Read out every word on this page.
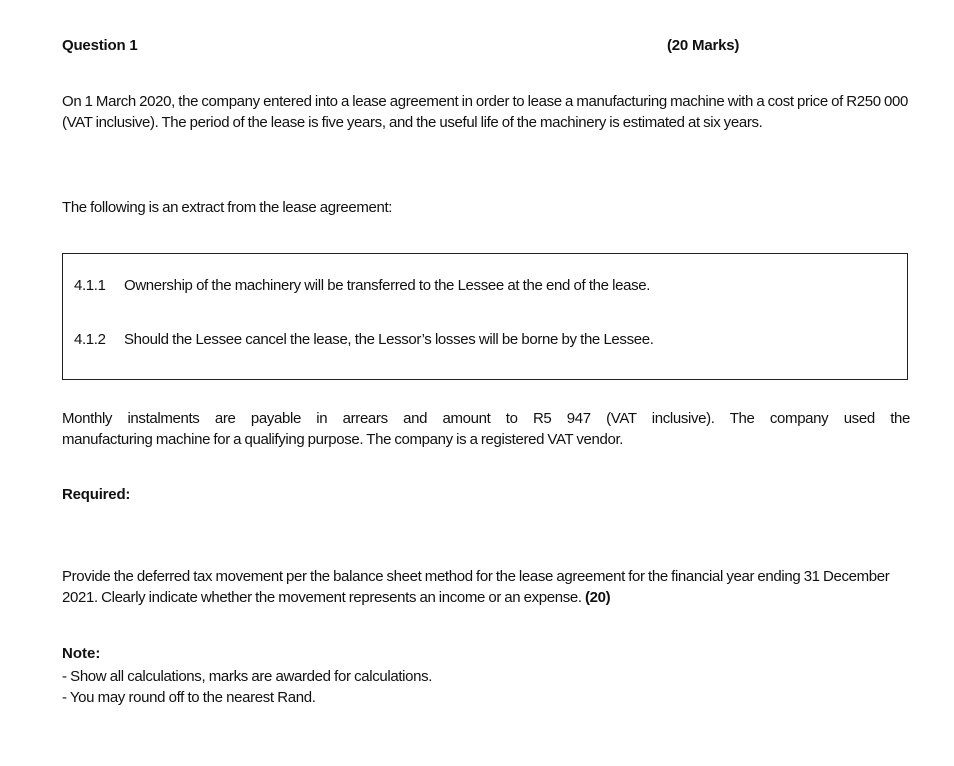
Question 1	(20 Marks)

On 1 March 2020, the company entered into a lease agreement in order to lease a manufacturing machine with a cost price of R250 000 (VAT inclusive). The period of the lease is five years, and the useful life of the machinery is estimated at six years.

The following is an extract from the lease agreement:

4.1.1 Ownership of the machinery will be transferred to the Lessee at the end of the lease.
4.1.2 Should the Lessee cancel the lease, the Lessor’s losses will be borne by the Lessee.

Monthly instalments are payable in arrears and amount to R5 947 (VAT inclusive). The company used the
manufacturing machine for a qualifying purpose. The company is a registered VAT vendor.

Required:

Provide the deferred tax movement per the balance sheet method for the lease agreement for the financial year ending 31 December 2021. Clearly indicate whether the movement represents an income or an expense. (20)

Note:
- Show all calculations, marks are awarded for calculations.
- You may round off to the nearest Rand.
